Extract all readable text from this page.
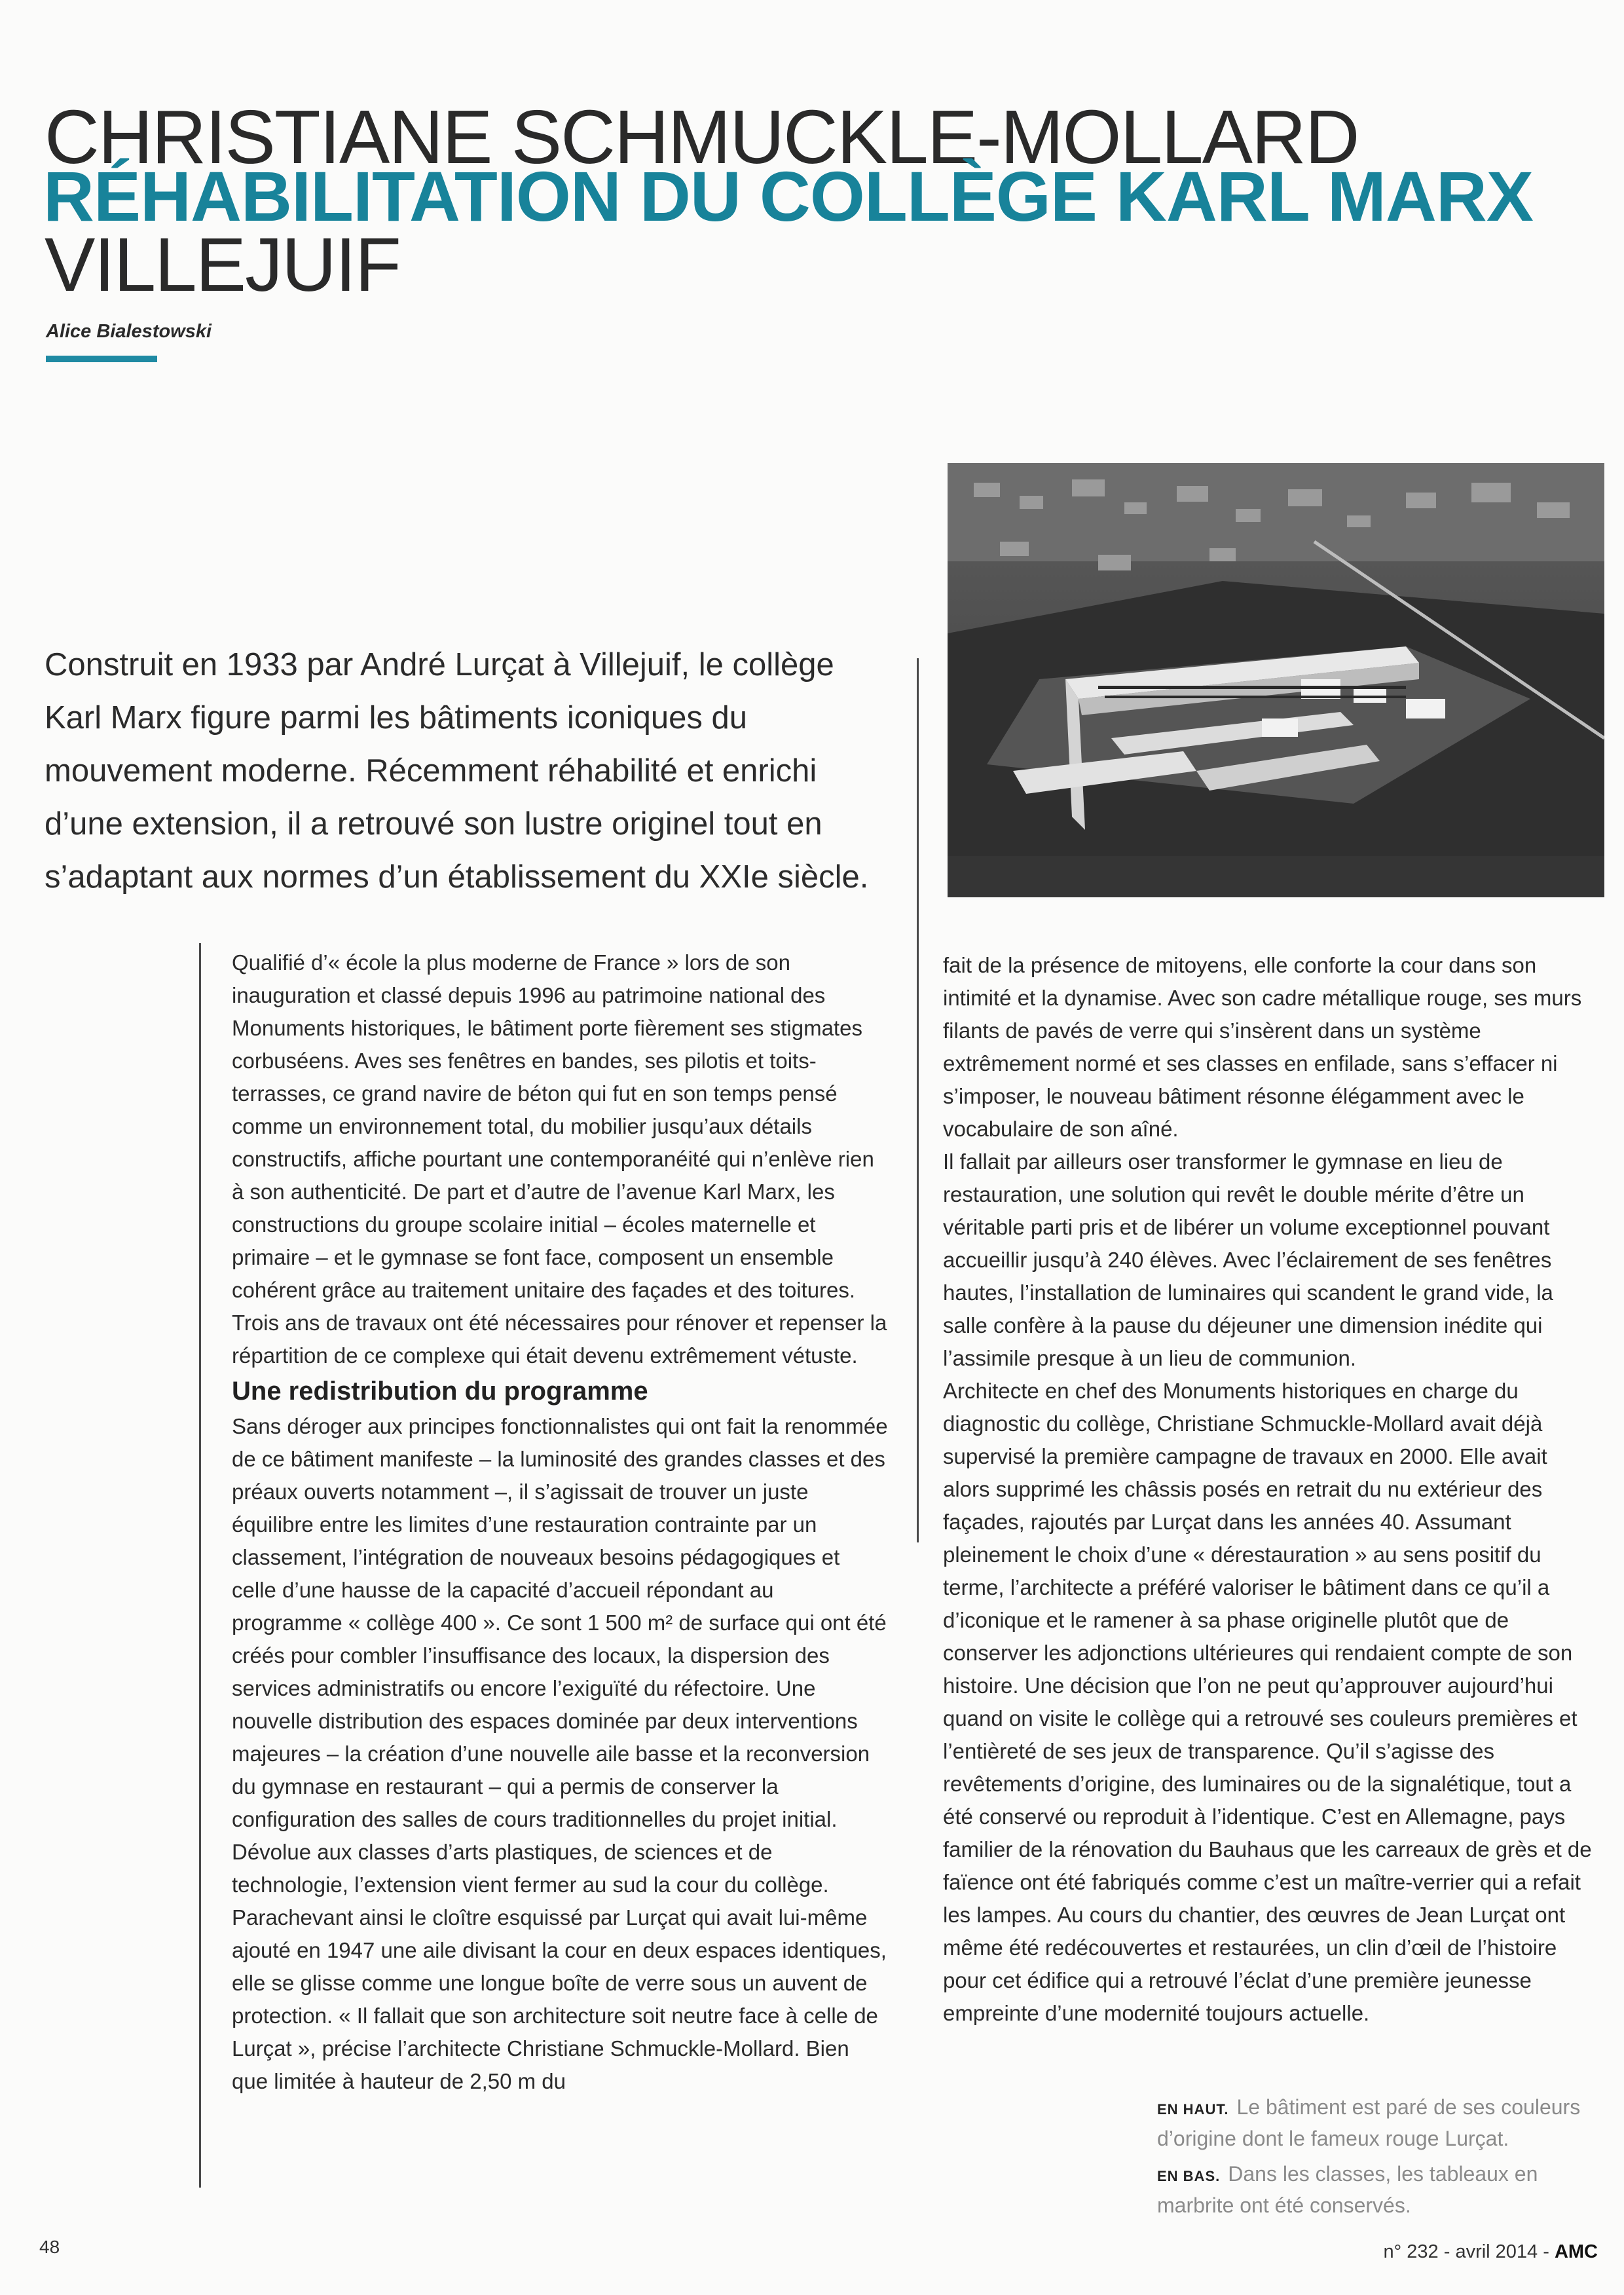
CHRISTIANE SCHMUCKLE-MOLLARD
RÉHABILITATION DU COLLÈGE KARL MARX
VILLEJUIF
Alice Bialestowski
Construit en 1933 par André Lurçat à Villejuif, le collège Karl Marx figure parmi les bâtiments iconiques du mouvement moderne. Récemment réhabilité et enrichi d’une extension, il a retrouvé son lustre originel tout en s’adaptant aux normes d’un établissement du XXIe siècle.

Qualifié d’« école la plus moderne de France » lors de son inauguration et classé depuis 1996 au patrimoine national des Monuments historiques, le bâtiment porte fièrement ses stigmates corbuséens. Aves ses fenêtres en bandes, ses pilotis et toits-terrasses, ce grand navire de béton qui fut en son temps pensé comme un environnement total, du mobilier jusqu’aux détails constructifs, affiche pourtant une contemporanéité qui n’enlève rien à son authenticité. De part et d’autre de l’avenue Karl Marx, les constructions du groupe scolaire initial – écoles maternelle et primaire – et le gymnase se font face, composent un ensemble cohérent grâce au traitement unitaire des façades et des toitures. Trois ans de travaux ont été nécessaires pour rénover et repenser la répartition de ce complexe qui était devenu extrêmement vétuste.

Une redistribution du programme

Sans déroger aux principes fonctionnalistes qui ont fait la renommée de ce bâtiment manifeste – la luminosité des grandes classes et des préaux ouverts notamment –, il s’agissait de trouver un juste équilibre entre les limites d’une restauration contrainte par un classement, l’intégration de nouveaux besoins pédagogiques et celle d’une hausse de la capacité d’accueil répondant au programme « collège 400 ». Ce sont 1 500 m² de surface qui ont été créés pour combler l’insuffisance des locaux, la dispersion des services administratifs ou encore l’exiguïté du réfectoire. Une nouvelle distribution des espaces dominée par deux interventions majeures – la création d’une nouvelle aile basse et la reconversion du gymnase en restaurant – qui a permis de conserver la configuration des salles de cours traditionnelles du projet initial.

Dévolue aux classes d’arts plastiques, de sciences et de technologie, l’extension vient fermer au sud la cour du collège. Parachevant ainsi le cloître esquissé par Lurçat qui avait lui-même ajouté en 1947 une aile divisant la cour en deux espaces identiques, elle se glisse comme une longue boîte de verre sous un auvent de protection. « Il fallait que son architecture soit neutre face à celle de Lurçat », précise l’architecte Christiane Schmuckle-Mollard. Bien que limitée à hauteur de 2,50 m du

fait de la présence de mitoyens, elle conforte la cour dans son intimité et la dynamise. Avec son cadre métallique rouge, ses murs filants de pavés de verre qui s’insèrent dans un système extrêmement normé et ses classes en enfilade, sans s’effacer ni s’imposer, le nouveau bâtiment résonne élégamment avec le vocabulaire de son aîné.

Il fallait par ailleurs oser transformer le gymnase en lieu de restauration, une solution qui revêt le double mérite d’être un véritable parti pris et de libérer un volume exceptionnel pouvant accueillir jusqu’à 240 élèves. Avec l’éclairement de ses fenêtres hautes, l’installation de luminaires qui scandent le grand vide, la salle confère à la pause du déjeuner une dimension inédite qui l’assimile presque à un lieu de communion.

Architecte en chef des Monuments historiques en charge du diagnostic du collège, Christiane Schmuckle-Mollard avait déjà supervisé la première campagne de travaux en 2000. Elle avait alors supprimé les châssis posés en retrait du nu extérieur des façades, rajoutés par Lurçat dans les années 40. Assumant pleinement le choix d’une « dérestauration » au sens positif du terme, l’architecte a préféré valoriser le bâtiment dans ce qu’il a d’iconique et le ramener à sa phase originelle plutôt que de conserver les adjonctions ultérieures qui rendaient compte de son histoire. Une décision que l’on ne peut qu’approuver aujourd’hui quand on visite le collège qui a retrouvé ses couleurs premières et l’entièreté de ses jeux de transparence. Qu’il s’agisse des revêtements d’origine, des luminaires ou de la signalétique, tout a été conservé ou reproduit à l’identique. C’est en Allemagne, pays familier de la rénovation du Bauhaus que les carreaux de grès et de faïence ont été fabriqués comme c’est un maître-verrier qui a refait les lampes. Au cours du chantier, des œuvres de Jean Lurçat ont même été redécouvertes et restaurées, un clin d’œil de l’histoire pour cet édifice qui a retrouvé l’éclat d’une première jeunesse empreinte d’une modernité toujours actuelle.

EN HAUT. Le bâtiment est paré de ses couleurs d’origine dont le fameux rouge Lurçat.

EN BAS. Dans les classes, les tableaux en marbrite ont été conservés.

48	n° 232 - avril 2014 - AMC
